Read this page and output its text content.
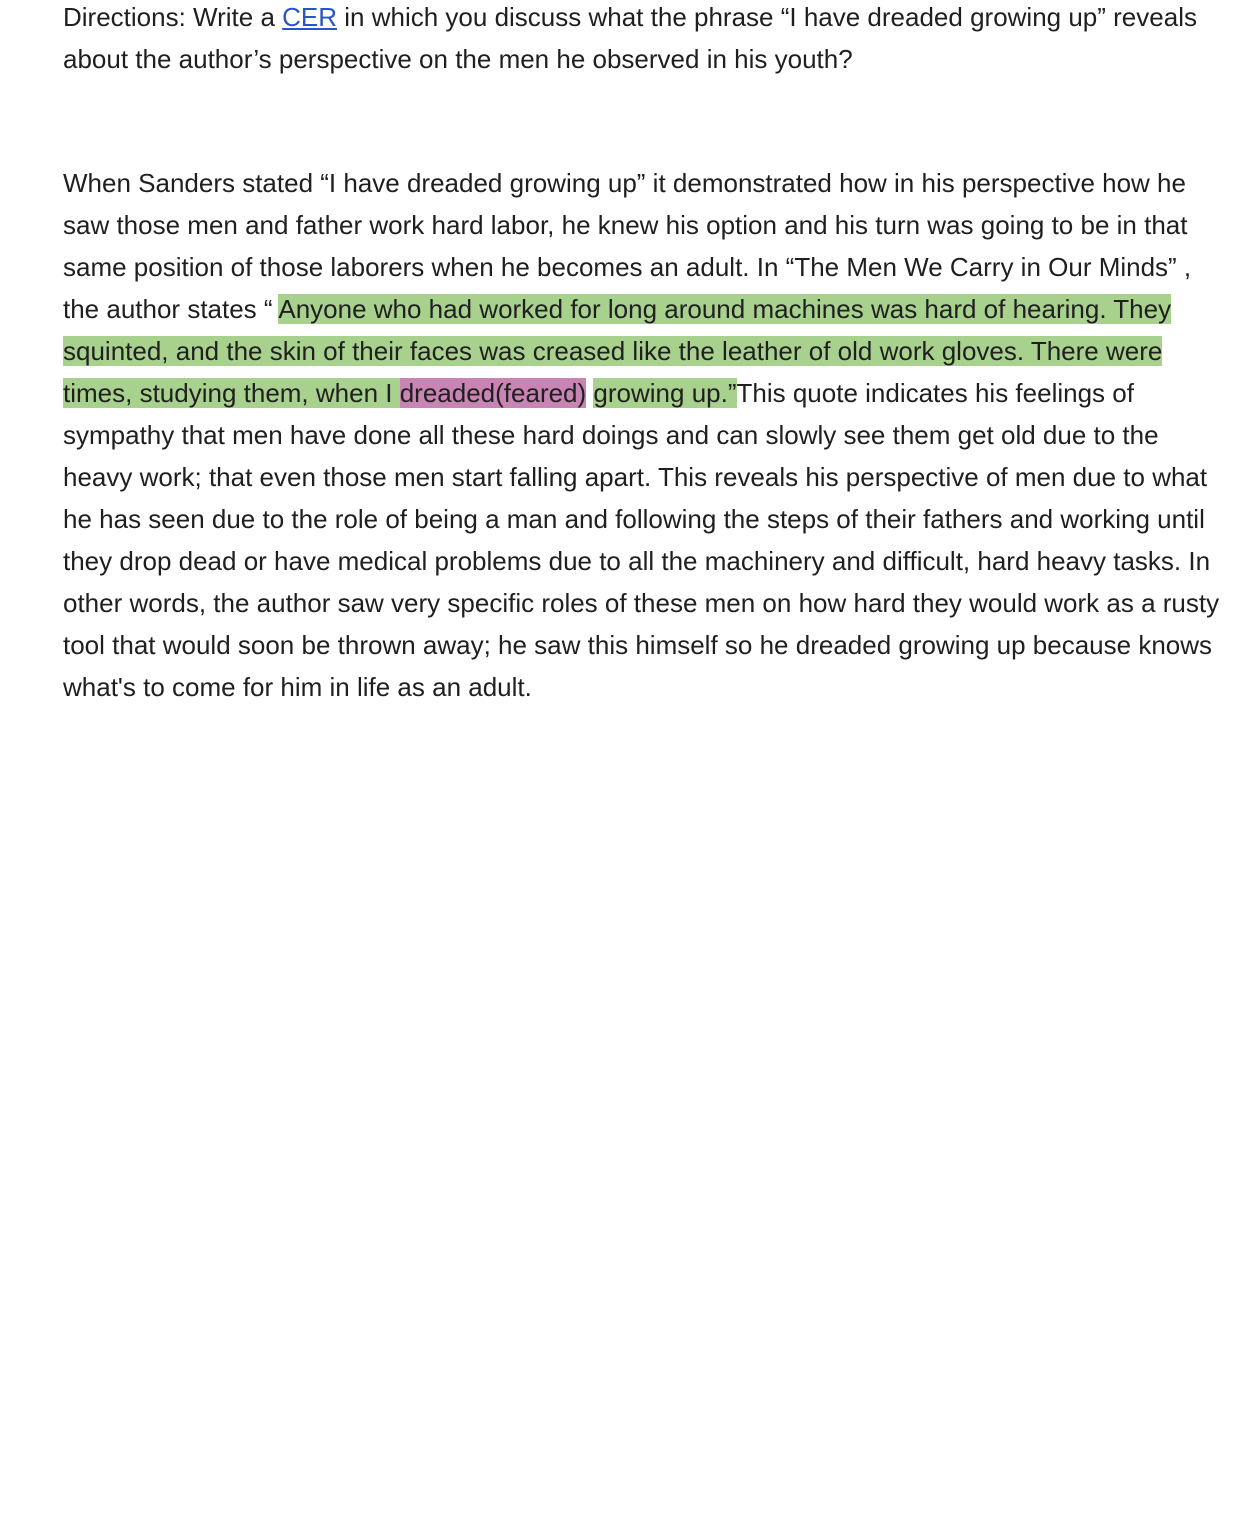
Directions: Write a CER in which you discuss what the phrase “I have dreaded growing up” reveals about the author’s perspective on the men he observed in his youth?

When Sanders stated “I have dreaded growing up” it demonstrated how in his perspective how he saw those men and father work hard labor, he knew his option and his turn was going to be in that same position of those laborers when he becomes an adult. In “The Men We Carry in Our Minds” , the author states “ Anyone who had worked for long around machines was hard of hearing. They squinted, and the skin of their faces was creased like the leather of old work gloves. There were times, studying them, when I dreaded(feared) growing up.”This quote indicates his feelings of sympathy that men have done all these hard doings and can slowly see them get old due to the heavy work; that even those men start falling apart. This reveals his perspective of men due to what he has seen due to the role of being a man and following the steps of their fathers and working until they drop dead or have medical problems due to all the machinery and difficult, hard heavy tasks. In other words, the author saw very specific roles of these men on how hard they would work as a rusty tool that would soon be thrown away; he saw this himself so he dreaded growing up because knows what's to come for him in life as an adult.
